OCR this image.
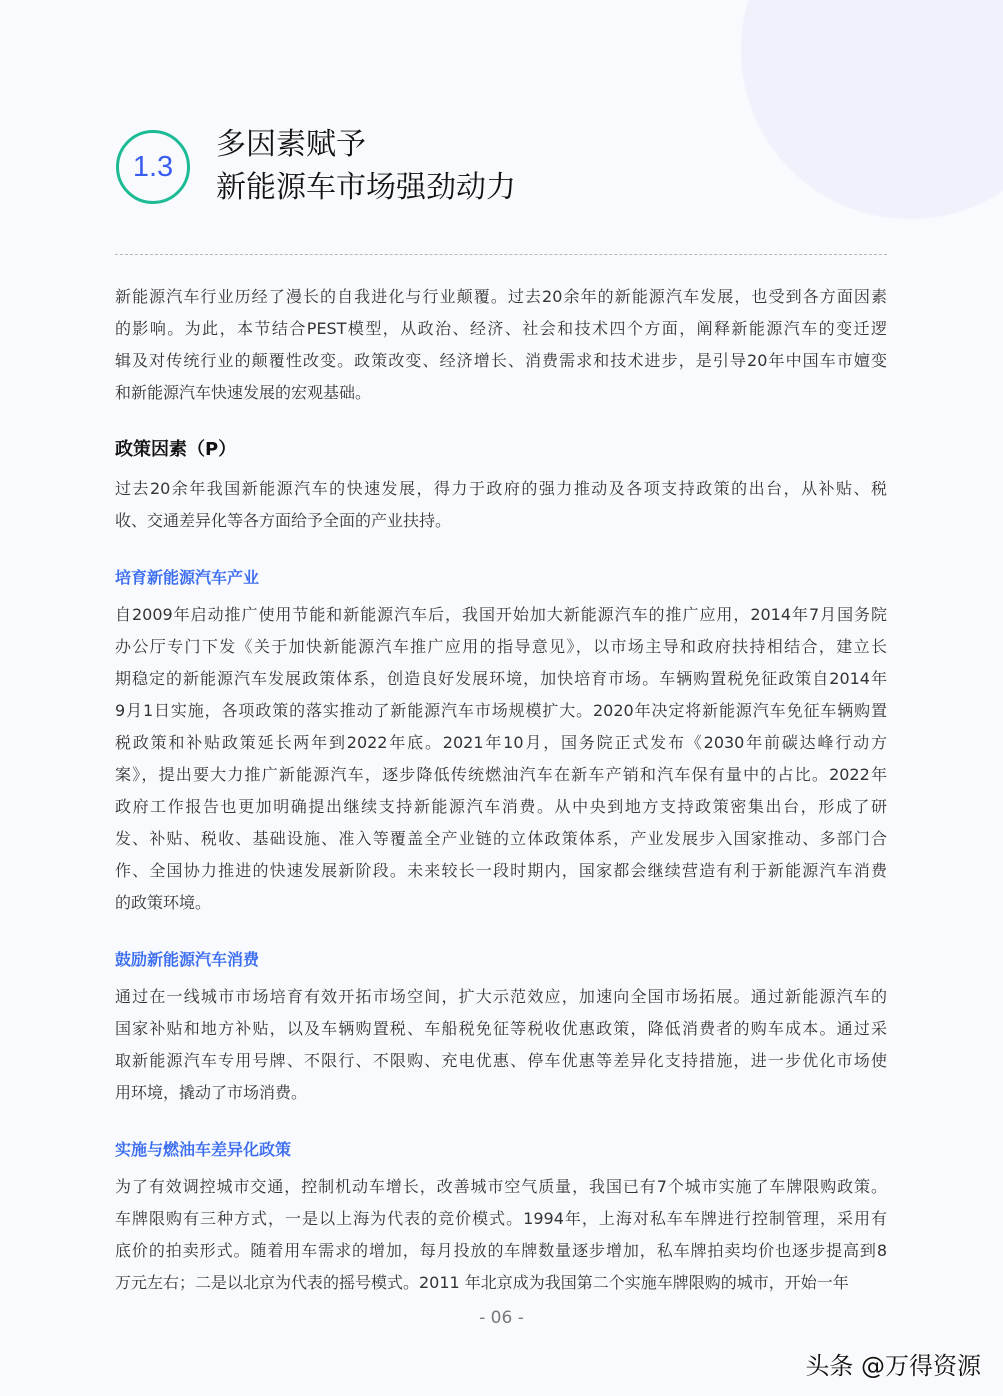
1.3
多因素赋予
新能源车市场强劲动力
新能源汽车行业历经了漫长的自我进化与行业颠覆。过去20余年的新能源汽车发展，也受到各方面因素
的影响。为此，本节结合PEST模型，从政治、经济、社会和技术四个方面，阐释新能源汽车的变迁逻
辑及对传统行业的颠覆性改变。政策改变、经济增长、消费需求和技术进步，是引导20年中国车市嬗变
和新能源汽车快速发展的宏观基础。
政策因素（P）
过去20余年我国新能源汽车的快速发展，得力于政府的强力推动及各项支持政策的出台，从补贴、税
收、交通差异化等各方面给予全面的产业扶持。
培育新能源汽车产业
自2009年启动推广使用节能和新能源汽车后，我国开始加大新能源汽车的推广应用，2014年7月国务院
办公厅专门下发《关于加快新能源汽车推广应用的指导意见》，以市场主导和政府扶持相结合，建立长
期稳定的新能源汽车发展政策体系，创造良好发展环境，加快培育市场。车辆购置税免征政策自2014年
9月1日实施，各项政策的落实推动了新能源汽车市场规模扩大。2020年决定将新能源汽车免征车辆购置
税政策和补贴政策延长两年到2022年底。2021年10月，国务院正式发布《2030年前碳达峰行动方
案》，提出要大力推广新能源汽车，逐步降低传统燃油汽车在新车产销和汽车保有量中的占比。2022年
政府工作报告也更加明确提出继续支持新能源汽车消费。从中央到地方支持政策密集出台，形成了研
发、补贴、税收、基础设施、准入等覆盖全产业链的立体政策体系，产业发展步入国家推动、多部门合
作、全国协力推进的快速发展新阶段。未来较长一段时期内，国家都会继续营造有利于新能源汽车消费
的政策环境。
鼓励新能源汽车消费
通过在一线城市市场培育有效开拓市场空间，扩大示范效应，加速向全国市场拓展。通过新能源汽车的
国家补贴和地方补贴，以及车辆购置税、车船税免征等税收优惠政策，降低消费者的购车成本。通过采
取新能源汽车专用号牌、不限行、不限购、充电优惠、停车优惠等差异化支持措施，进一步优化市场使
用环境，撬动了市场消费。
实施与燃油车差异化政策
为了有效调控城市交通，控制机动车增长，改善城市空气质量，我国已有7个城市实施了车牌限购政策。
车牌限购有三种方式，一是以上海为代表的竞价模式。1994年，上海对私车车牌进行控制管理，采用有
底价的拍卖形式。随着用车需求的增加，每月投放的车牌数量逐步增加，私车牌拍卖均价也逐步提高到8
万元左右；二是以北京为代表的摇号模式。2011 年北京成为我国第二个实施车牌限购的城市，开始一年
- 06 -
头条 @万得资源
